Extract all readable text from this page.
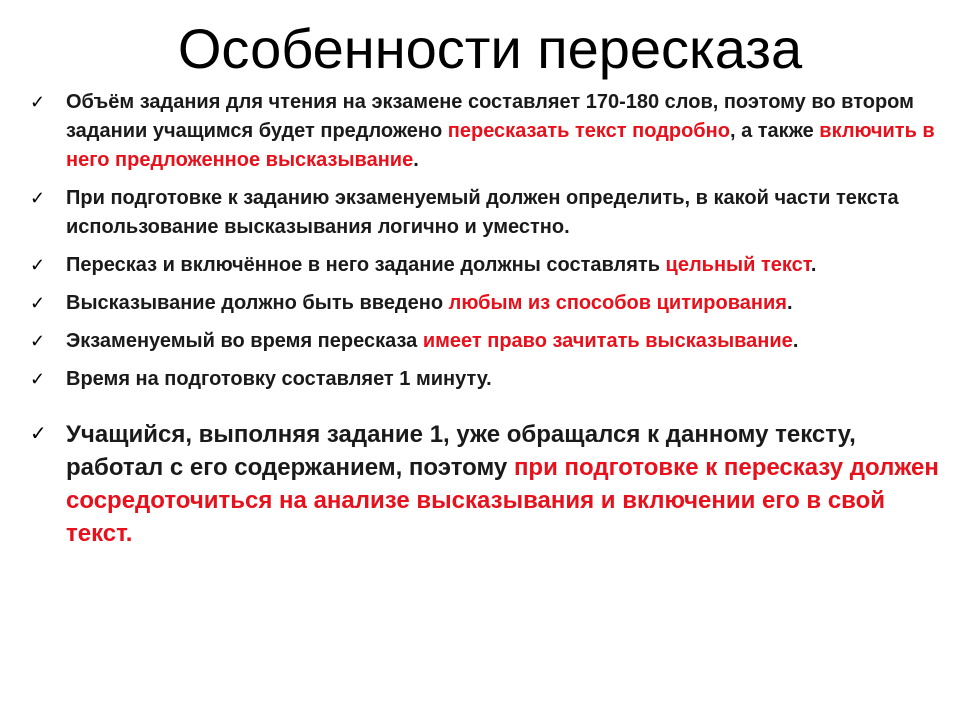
Особенности пересказа
✓ Объём задания для чтения на экзамене составляет 170-180 слов, поэтому во втором задании учащимся будет предложено пересказать текст подробно, а также включить в него предложенное высказывание.
✓ При подготовке к заданию экзаменуемый должен определить, в какой части текста использование высказывания логично и уместно.
✓ Пересказ и включённое в него задание должны составлять цельный текст.
✓ Высказывание должно быть введено любым из способов цитирования.
✓ Экзаменуемый во время пересказа имеет право зачитать высказывание.
✓ Время на подготовку составляет 1 минуту.
✓ Учащийся, выполняя задание 1, уже обращался к данному тексту, работал с его содержанием, поэтому при подготовке к пересказу должен сосредоточиться на анализе высказывания и включении его в свой текст.
